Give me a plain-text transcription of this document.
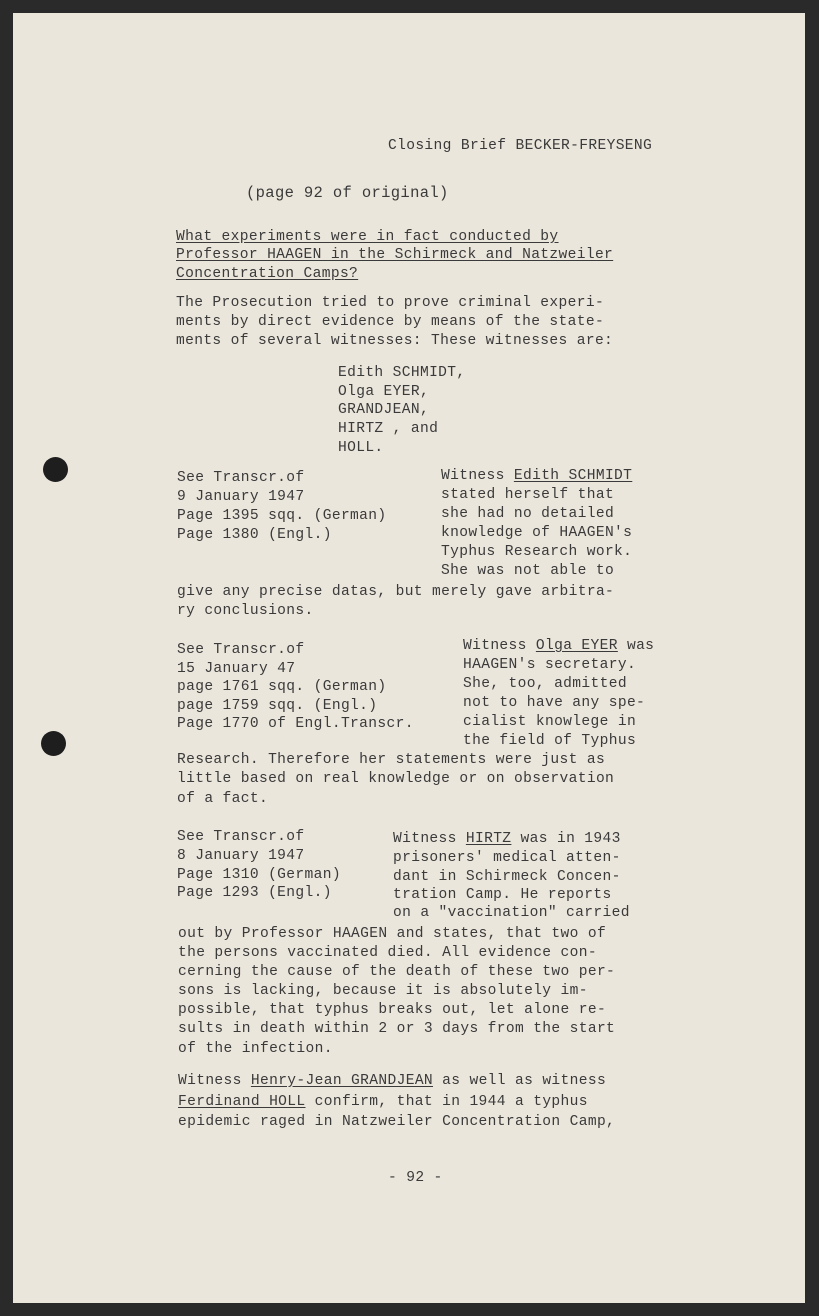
Closing Brief BECKER-FREYSENG

(page 92 of original)

What experiments were in fact conducted by

Professor HAAGEN in the Schirmeck and Natzweiler

Concentration Camps?

The Prosecution tried to prove criminal experi-

ments by direct evidence by means of the state-

ments of several witnesses: These witnesses are:

Edith SCHMIDT,

Olga EYER,

GRANDJEAN,

HIRTZ , and

HOLL.

See Transcr.of

9 January 1947

Page 1395 sqq. (German)

Page 1380 (Engl.)

Witness Edith SCHMIDT

stated herself that

she had no detailed

knowledge of HAAGEN's

Typhus Research work.

She was not able to

give any precise datas, but merely gave arbitra-

ry conclusions.

See Transcr.of

15 January 47

page 1761 sqq. (German)

page 1759 sqq. (Engl.)

Page 1770 of Engl.Transcr.

Witness Olga EYER was

HAAGEN's secretary.

She, too, admitted

not to have any spe-

cialist knowlege in

the field of Typhus

Research. Therefore her statements were just as

little based on real knowledge or on observation

of a fact.

See Transcr.of

8 January 1947

Page 1310 (German)

Page 1293 (Engl.)

Witness HIRTZ was in 1943

prisoners' medical atten-

dant in Schirmeck Concen-

tration Camp. He reports

on a "vaccination" carried

out by Professor HAAGEN and states, that two of

the persons vaccinated died. All evidence con-

cerning the cause of the death of these two per-

sons is lacking, because it is absolutely im-

possible, that typhus breaks out, let alone re-

sults in death within 2 or 3 days from the start

of the infection.

Witness Henry-Jean GRANDJEAN as well as witness

Ferdinand HOLL confirm, that in 1944 a typhus

epidemic raged in Natzweiler Concentration Camp,

- 92 -
